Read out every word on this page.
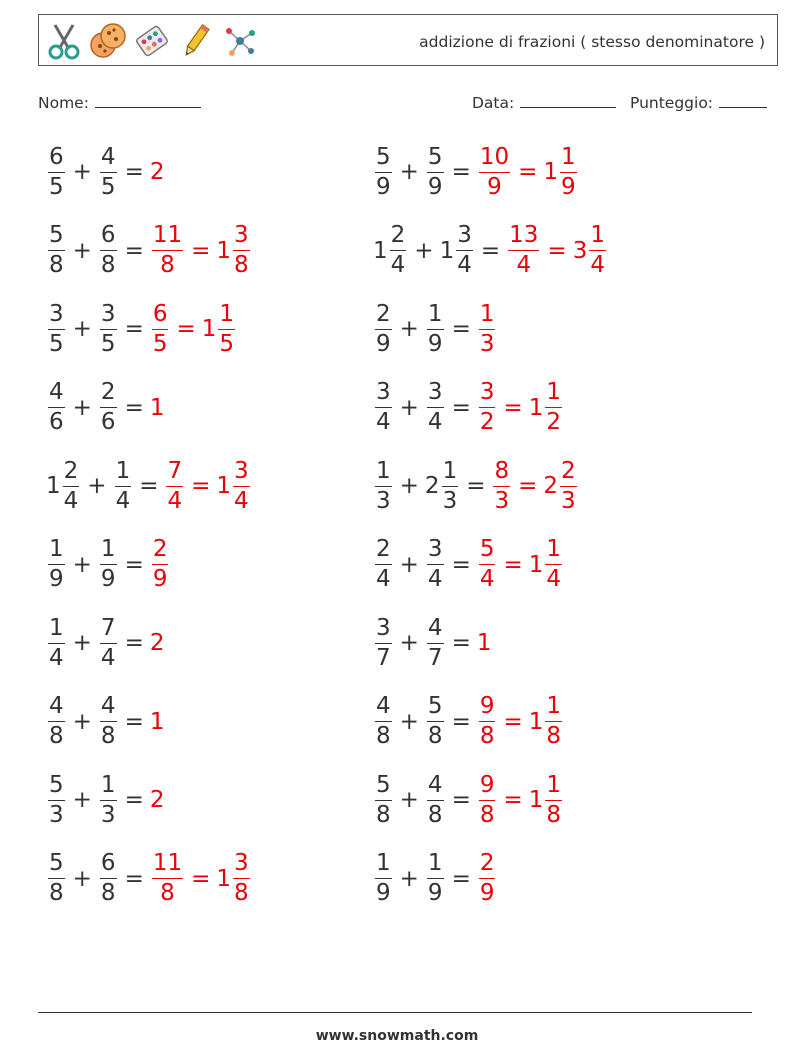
addizione di frazioni ( stesso denominatore )
Nome:	Data:	Punteggio:
$\frac{6}{5} + \frac{4}{5} = 2$	$\frac{5}{9} + \frac{5}{9} = \frac{10}{9} = 1 \frac{1}{9}$
$\frac{5}{8} + \frac{6}{8} = \frac{11}{8} = 1 \frac{3}{8}$	$1 \frac{2}{4} + 1 \frac{3}{4} = \frac{13}{4} = 3 \frac{1}{4}$
$\frac{3}{5} + \frac{3}{5} = \frac{6}{5} = 1 \frac{1}{5}$	$\frac{2}{9} + \frac{1}{9} = \frac{1}{3}$
$\frac{4}{6} + \frac{2}{6} = 1$	$\frac{3}{4} + \frac{3}{4} = \frac{3}{2} = 1 \frac{1}{2}$
$1 \frac{2}{4} + \frac{1}{4} = \frac{7}{4} = 1 \frac{3}{4}$	$\frac{1}{3} + 2 \frac{1}{3} = \frac{8}{3} = 2 \frac{2}{3}$
$\frac{1}{9} + \frac{1}{9} = \frac{2}{9}$	$\frac{2}{4} + \frac{3}{4} = \frac{5}{4} = 1 \frac{1}{4}$
$\frac{1}{4} + \frac{7}{4} = 2$	$\frac{3}{7} + \frac{4}{7} = 1$
$\frac{4}{8} + \frac{4}{8} = 1$	$\frac{4}{8} + \frac{5}{8} = \frac{9}{8} = 1 \frac{1}{8}$
$\frac{5}{3} + \frac{1}{3} = 2$	$\frac{5}{8} + \frac{4}{8} = \frac{9}{8} = 1 \frac{1}{8}$
$\frac{5}{8} + \frac{6}{8} = \frac{11}{8} = 1 \frac{3}{8}$	$\frac{1}{9} + \frac{1}{9} = \frac{2}{9}$
www.snowmath.com
